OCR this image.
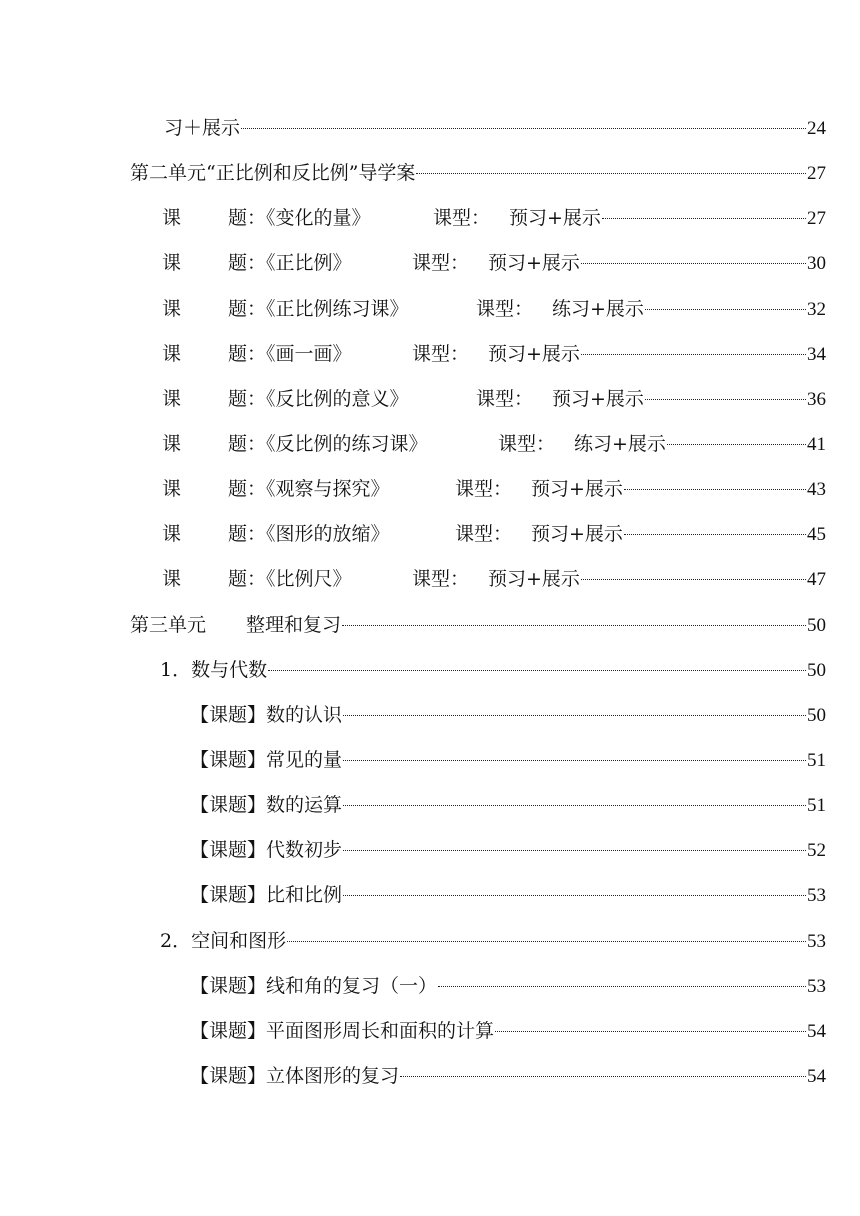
习＋展示	24
第二单元“正比例和反比例”导学案	27
课	题：《变化的量》	课型： 预习+展示	27
课	题：《正比例》	课型： 预习+展示	30
课	题：《正比例练习课》	课型： 练习+展示	32
课	题：《画一画》	课型： 预习+展示	34
课	题：《反比例的意义》	课型： 预习+展示	36
课	题：《反比例的练习课》	课型： 练习+展示	41
课	题：《观察与探究》	课型： 预习+展示	43
课	题：《图形的放缩》	课型： 预习+展示	45
课	题：《比例尺》	课型： 预习+展示	47
第三单元 整理和复习	50
1．数与代数	50
【课题】数的认识	50
【课题】常见的量	51
【课题】数的运算	51
【课题】代数初步	52
【课题】比和比例	53
2．空间和图形	53
【课题】线和角的复习（一）	53
【课题】平面图形周长和面积的计算	54
【课题】立体图形的复习	54
